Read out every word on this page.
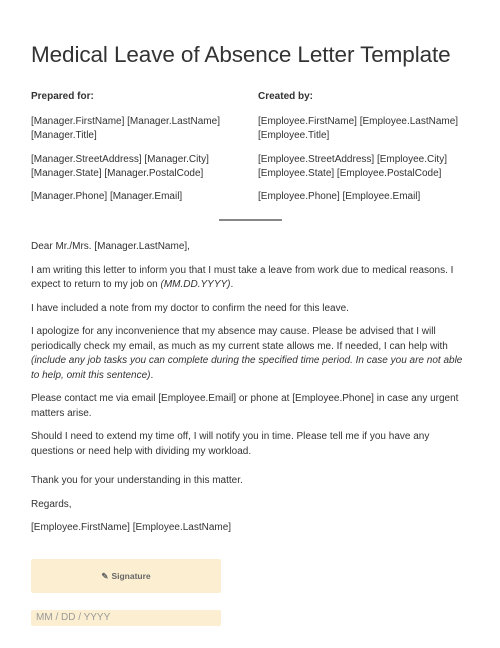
Medical Leave of Absence Letter Template
Prepared for:

[Manager.FirstName] [Manager.LastName]
[Manager.Title]

[Manager.StreetAddress] [Manager.City]
[Manager.State] [Manager.PostalCode]

[Manager.Phone] [Manager.Email]

Created by:

[Employee.FirstName] [Employee.LastName]
[Employee.Title]

[Employee.StreetAddress] [Employee.City]
[Employee.State] [Employee.PostalCode]

[Employee.Phone] [Employee.Email]

Dear Mr./Mrs. [Manager.LastName],

I am writing this letter to inform you that I must take a leave from work due to medical reasons. I expect to return to my job on (MM.DD.YYYY).

I have included a note from my doctor to confirm the need for this leave.

I apologize for any inconvenience that my absence may cause. Please be advised that I will periodically check my email, as much as my current state allows me. If needed, I can help with (include any job tasks you can complete during the specified time period. In case you are not able to help, omit this sentence).

Please contact me via email [Employee.Email] or phone at [Employee.Phone] in case any urgent matters arise.

Should I need to extend my time off, I will notify you in time. Please tell me if you have any questions or need help with dividing my workload.

Thank you for your understanding in this matter.

Regards,

[Employee.FirstName] [Employee.LastName]

✎ Signature
MM / DD / YYYY
